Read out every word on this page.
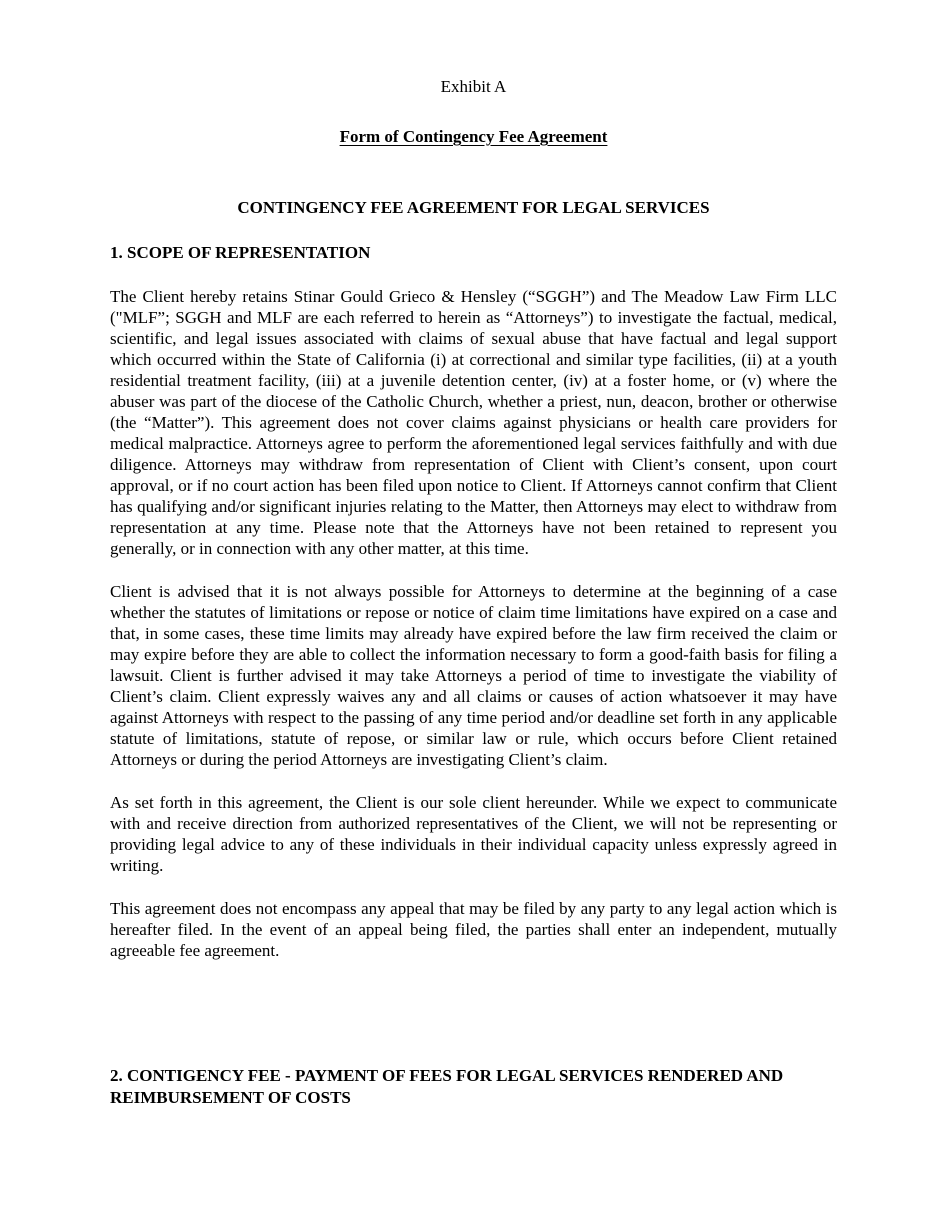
Exhibit A

Form of Contingency Fee Agreement

CONTINGENCY FEE AGREEMENT FOR LEGAL SERVICES
1. SCOPE OF REPRESENTATION

The Client hereby retains Stinar Gould Grieco & Hensley (“SGGH”) and The Meadow Law Firm LLC ("MLF”; SGGH and MLF are each referred to herein as “Attorneys”) to investigate the factual, medical, scientific, and legal issues associated with claims of sexual abuse that have factual and legal support which occurred within the State of California (i) at correctional and similar type facilities, (ii) at a youth residential treatment facility, (iii) at a juvenile detention center, (iv) at a foster home, or (v) where the abuser was part of the diocese of the Catholic Church, whether a priest, nun, deacon, brother or otherwise (the “Matter”). This agreement does not cover claims against physicians or health care providers for medical malpractice. Attorneys agree to perform the aforementioned legal services faithfully and with due diligence. Attorneys may withdraw from representation of Client with Client’s consent, upon court approval, or if no court action has been filed upon notice to Client. If Attorneys cannot confirm that Client has qualifying and/or significant injuries relating to the Matter, then Attorneys may elect to withdraw from representation at any time. Please note that the Attorneys have not been retained to represent you generally, or in connection with any other matter, at this time.

Client is advised that it is not always possible for Attorneys to determine at the beginning of a case whether the statutes of limitations or repose or notice of claim time limitations have expired on a case and that, in some cases, these time limits may already have expired before the law firm received the claim or may expire before they are able to collect the information necessary to form a good-faith basis for filing a lawsuit. Client is further advised it may take Attorneys a period of time to investigate the viability of Client’s claim. Client expressly waives any and all claims or causes of action whatsoever it may have against Attorneys with respect to the passing of any time period and/or deadline set forth in any applicable statute of limitations, statute of repose, or similar law or rule, which occurs before Client retained Attorneys or during the period Attorneys are investigating Client’s claim.

As set forth in this agreement, the Client is our sole client hereunder. While we expect to communicate with and receive direction from authorized representatives of the Client, we will not be representing or providing legal advice to any of these individuals in their individual capacity unless expressly agreed in writing.

This agreement does not encompass any appeal that may be filed by any party to any legal action which is hereafter filed. In the event of an appeal being filed, the parties shall enter an independent, mutually agreeable fee agreement.

2. CONTIGENCY FEE - PAYMENT OF FEES FOR LEGAL SERVICES RENDERED AND REIMBURSEMENT OF COSTS
